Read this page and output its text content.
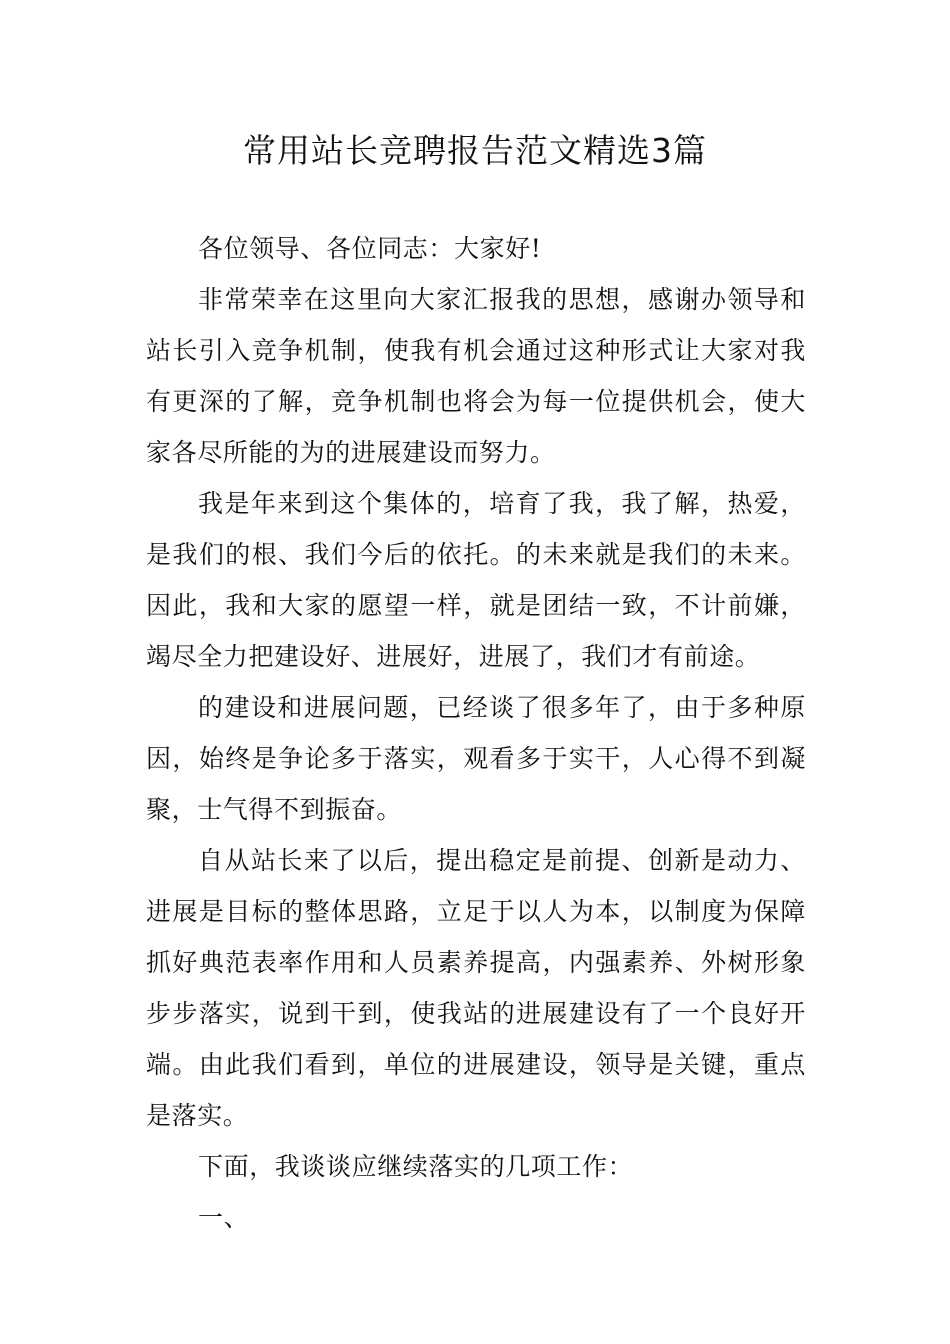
常用站长竞聘报告范文精选3篇

各位领导、各位同志：大家好!

非常荣幸在这里向大家汇报我的思想，感谢办领导和站长引入竞争机制，使我有机会通过这种形式让大家对我有更深的了解，竞争机制也将会为每一位提供机会，使大家各尽所能的为的进展建设而努力。

我是年来到这个集体的，培育了我，我了解，热爱，是我们的根、我们今后的依托。的未来就是我们的未来。因此，我和大家的愿望一样，就是团结一致，不计前嫌，竭尽全力把建设好、进展好，进展了，我们才有前途。

的建设和进展问题，已经谈了很多年了，由于多种原因，始终是争论多于落实，观看多于实干，人心得不到凝聚，士气得不到振奋。

自从站长来了以后，提出稳定是前提、创新是动力、进展是目标的整体思路，立足于以人为本，以制度为保障抓好典范表率作用和人员素养提高，内强素养、外树形象步步落实，说到干到，使我站的进展建设有了一个良好开端。由此我们看到，单位的进展建设，领导是关键，重点是落实。

下面，我谈谈应继续落实的几项工作：

一、
